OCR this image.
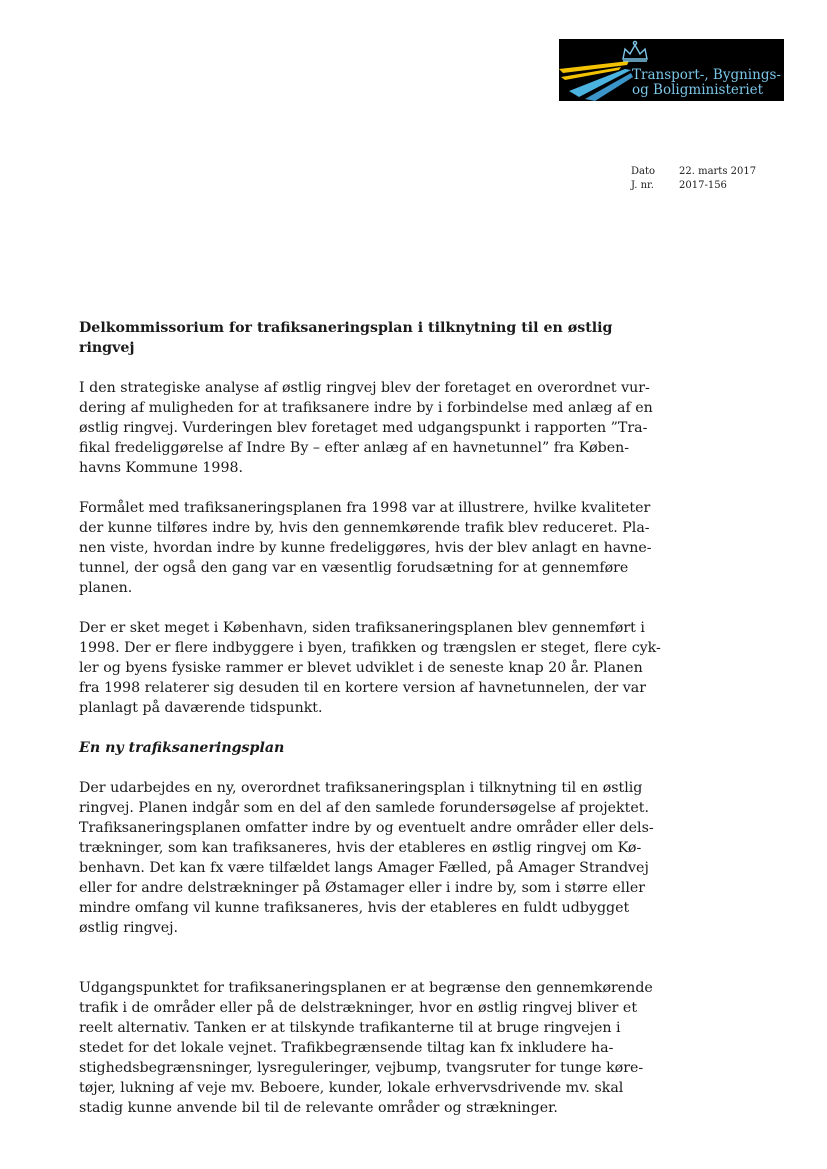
Transport-, Bygnings-
og Boligministeriet
Dato	22. marts 2017
J. nr.	2017-156
Delkommissorium for trafiksaneringsplan i tilknytning til en østlig
ringvej

I den strategiske analyse af østlig ringvej blev der foretaget en overordnet vur-
dering af muligheden for at trafiksanere indre by i forbindelse med anlæg af en
østlig ringvej. Vurderingen blev foretaget med udgangspunkt i rapporten ”Tra-
fikal fredeliggørelse af Indre By – efter anlæg af en havnetunnel” fra Køben-
havns Kommune 1998.

Formålet med trafiksaneringsplanen fra 1998 var at illustrere, hvilke kvaliteter
der kunne tilføres indre by, hvis den gennemkørende trafik blev reduceret. Pla-
nen viste, hvordan indre by kunne fredeliggøres, hvis der blev anlagt en havne-
tunnel, der også den gang var en væsentlig forudsætning for at gennemføre
planen.

Der er sket meget i København, siden trafiksaneringsplanen blev gennemført i
1998. Der er flere indbyggere i byen, trafikken og trængslen er steget, flere cyk-
ler og byens fysiske rammer er blevet udviklet i de seneste knap 20 år. Planen
fra 1998 relaterer sig desuden til en kortere version af havnetunnelen, der var
planlagt på daværende tidspunkt.

En ny trafiksaneringsplan

Der udarbejdes en ny, overordnet trafiksaneringsplan i tilknytning til en østlig
ringvej. Planen indgår som en del af den samlede forundersøgelse af projektet.
Trafiksaneringsplanen omfatter indre by og eventuelt andre områder eller dels-
trækninger, som kan trafiksaneres, hvis der etableres en østlig ringvej om Kø-
benhavn. Det kan fx være tilfældet langs Amager Fælled, på Amager Strandvej
eller for andre delstrækninger på Østamager eller i indre by, som i større eller
mindre omfang vil kunne trafiksaneres, hvis der etableres en fuldt udbygget
østlig ringvej.

Udgangspunktet for trafiksaneringsplanen er at begrænse den gennemkørende
trafik i de områder eller på de delstrækninger, hvor en østlig ringvej bliver et
reelt alternativ. Tanken er at tilskynde trafikanterne til at bruge ringvejen i
stedet for det lokale vejnet. Trafikbegrænsende tiltag kan fx inkludere ha-
stighedsbegrænsninger, lysreguleringer, vejbump, tvangsruter for tunge køre-
tøjer, lukning af veje mv. Beboere, kunder, lokale erhvervsdrivende mv. skal
stadig kunne anvende bil til de relevante områder og strækninger.
